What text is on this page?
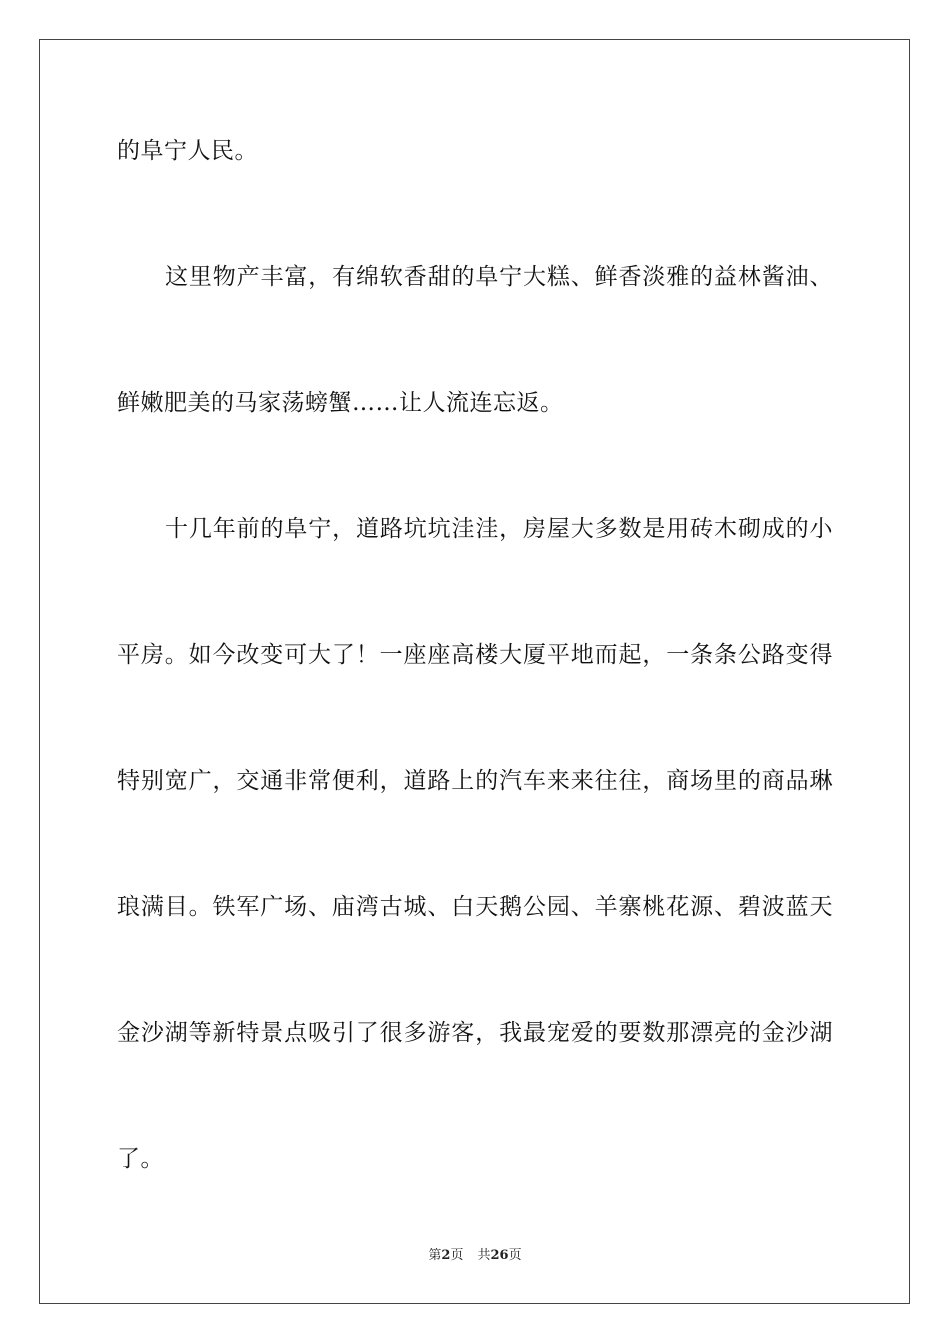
的阜宁人民。
这里物产丰富，有绵软香甜的阜宁大糕、鲜香淡雅的益林酱油、
鲜嫩肥美的马家荡螃蟹……让人流连忘返。
十几年前的阜宁，道路坑坑洼洼，房屋大多数是用砖木砌成的小
平房。如今改变可大了！一座座高楼大厦平地而起，一条条公路变得
特别宽广，交通非常便利，道路上的汽车来来往往，商场里的商品琳
琅满目。铁军广场、庙湾古城、白天鹅公园、羊寨桃花源、碧波蓝天
金沙湖等新特景点吸引了很多游客，我最宠爱的要数那漂亮的金沙湖
了。
第2页 共26页
